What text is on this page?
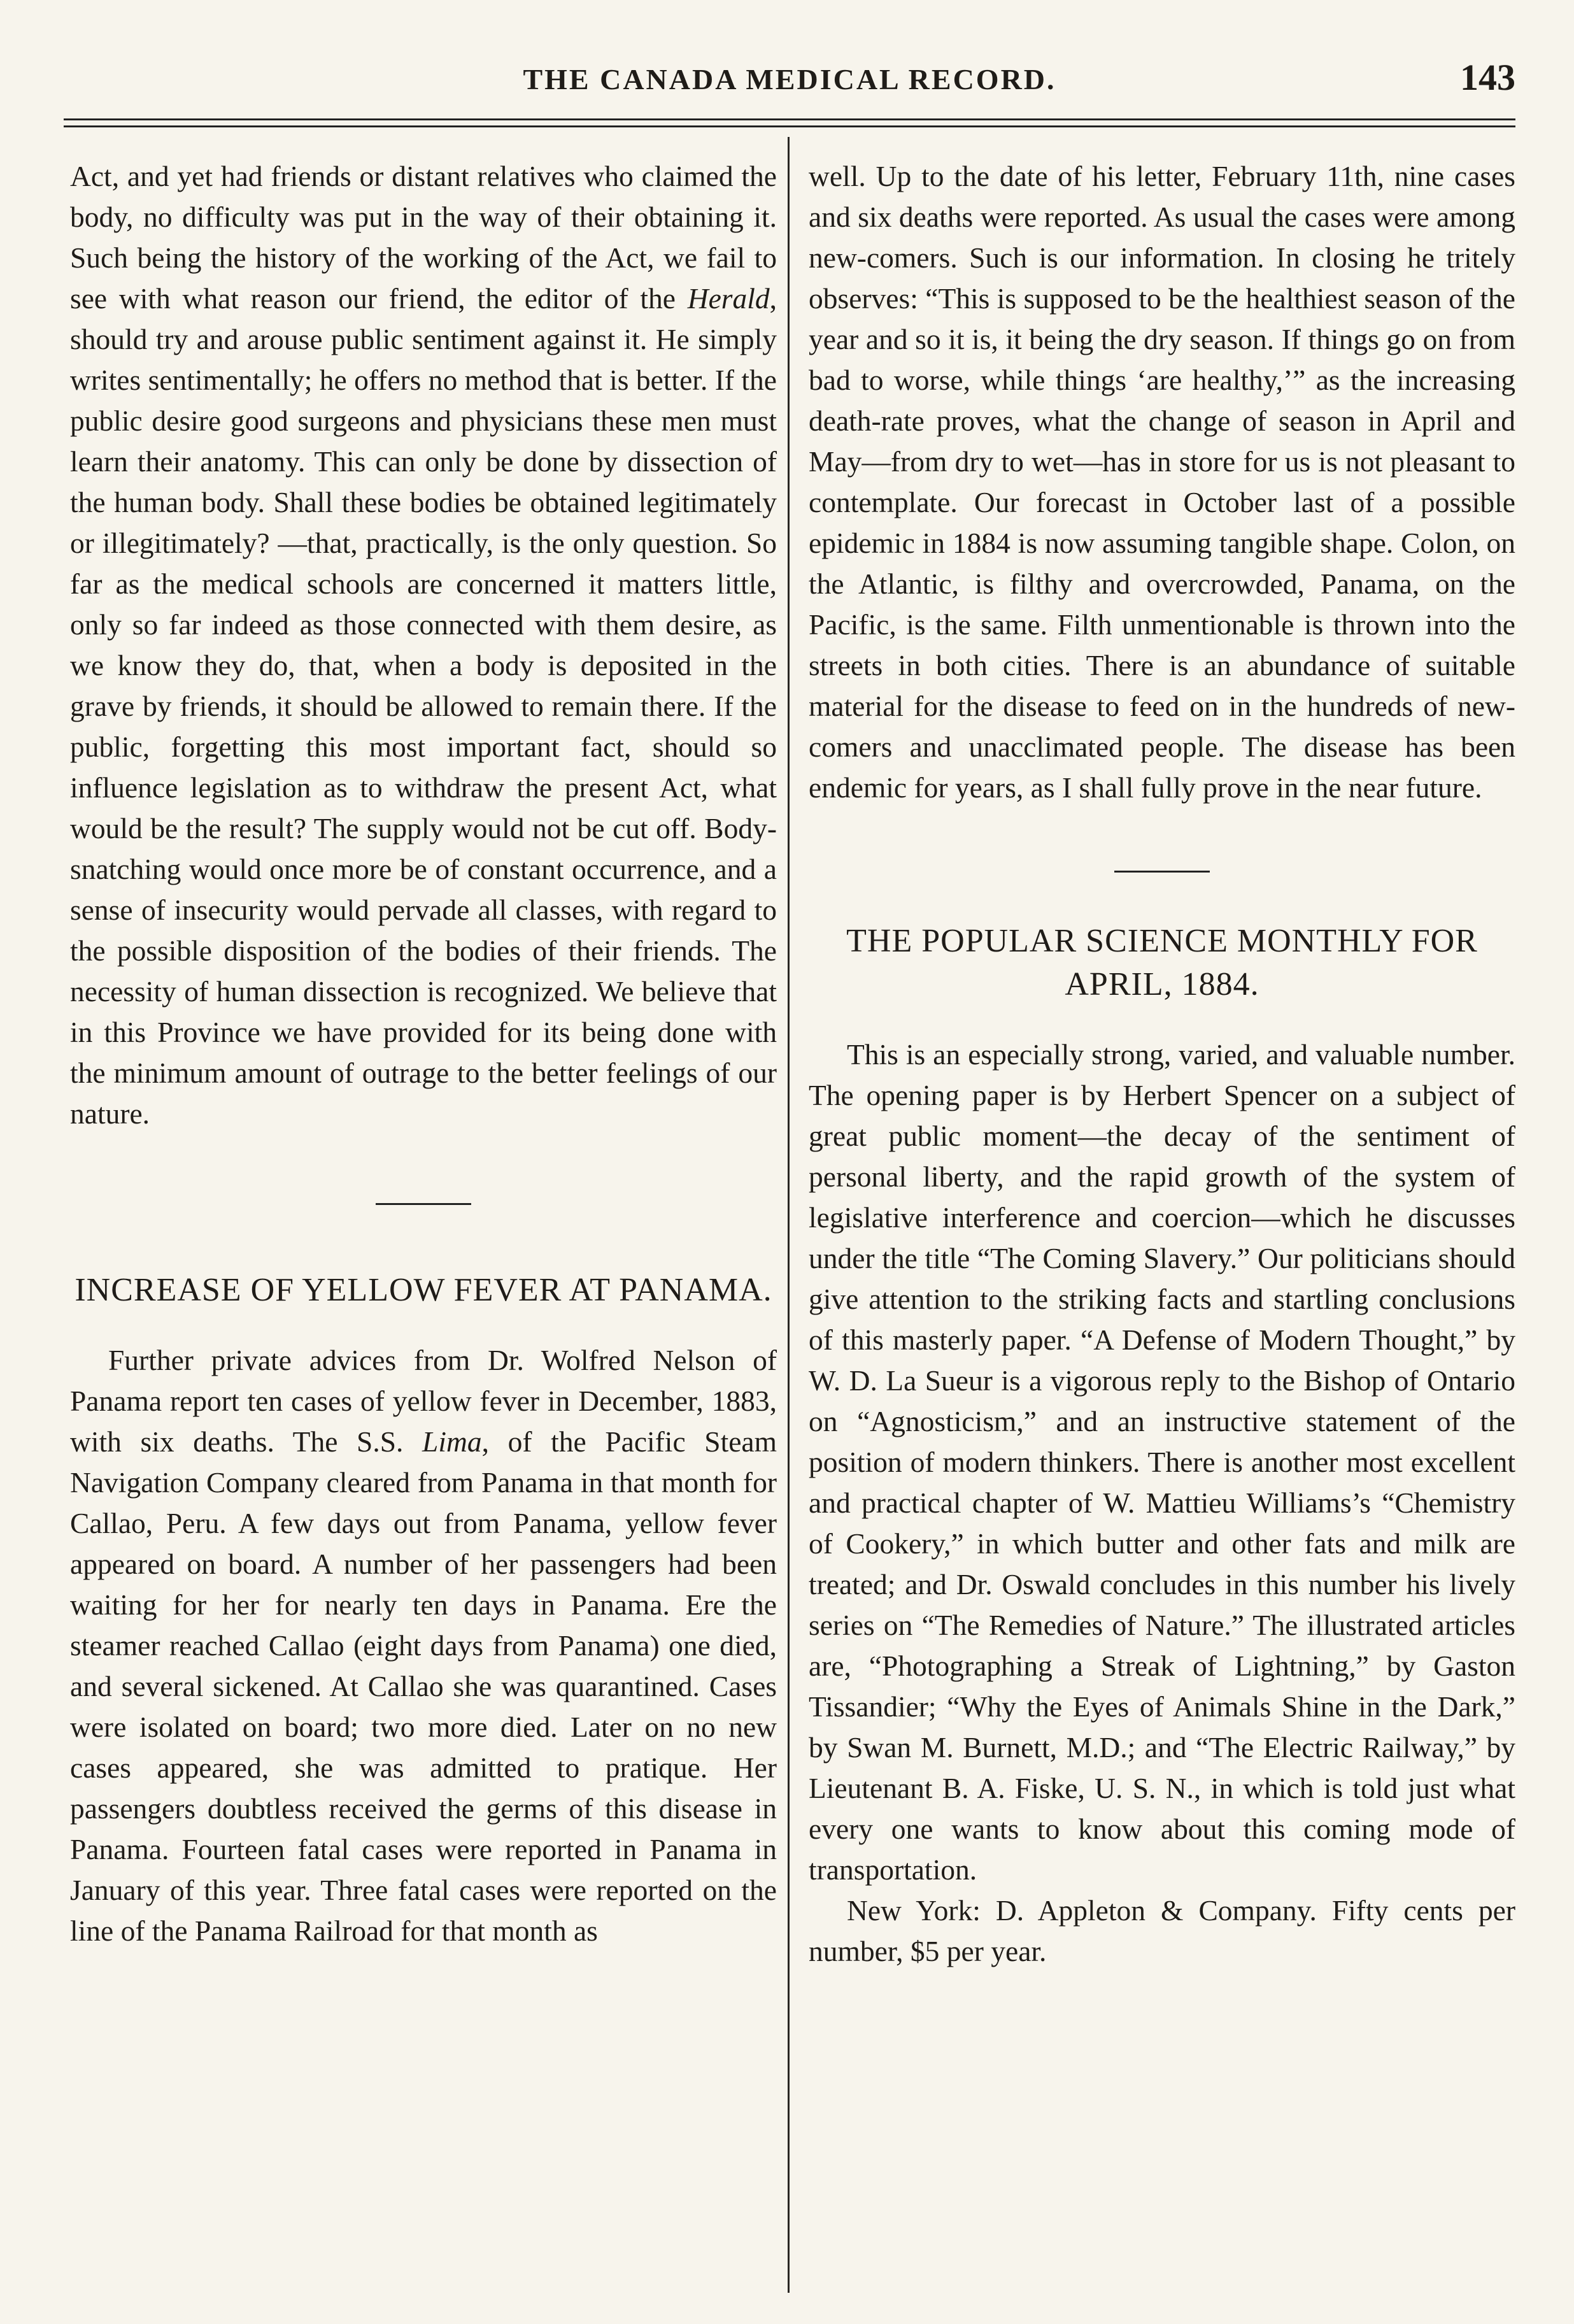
THE CANADA MEDICAL RECORD.	143

Act, and yet had friends or distant relatives who claimed the body, no difficulty was put in the way of their obtaining it. Such being the history of the working of the Act, we fail to see with what reason our friend, the editor of the Herald, should try and arouse public sentiment against it. He simply writes sentimentally; he offers no method that is better. If the public desire good surgeons and physicians these men must learn their anatomy. This can only be done by dissection of the human body. Shall these bodies be obtained legitimately or illegitimately? —that, practically, is the only question. So far as the medical schools are concerned it matters little, only so far indeed as those connected with them desire, as we know they do, that, when a body is deposited in the grave by friends, it should be allowed to remain there. If the public, forgetting this most important fact, should so influence legislation as to withdraw the present Act, what would be the result? The supply would not be cut off. Body-snatching would once more be of constant occurrence, and a sense of insecurity would pervade all classes, with regard to the possible disposition of the bodies of their friends. The necessity of human dissection is recognized. We believe that in this Province we have provided for its being done with the minimum amount of outrage to the better feelings of our nature.

INCREASE OF YELLOW FEVER AT PANAMA.

Further private advices from Dr. Wolfred Nelson of Panama report ten cases of yellow fever in December, 1883, with six deaths. The S.S. Lima, of the Pacific Steam Navigation Company cleared from Panama in that month for Callao, Peru. A few days out from Panama, yellow fever appeared on board. A number of her passengers had been waiting for her for nearly ten days in Panama. Ere the steamer reached Callao (eight days from Panama) one died, and several sickened. At Callao she was quarantined. Cases were isolated on board; two more died. Later on no new cases appeared, she was admitted to pratique. Her passengers doubtless received the germs of this disease in Panama. Fourteen fatal cases were reported in Panama in January of this year. Three fatal cases were reported on the line of the Panama Railroad for that month as

well. Up to the date of his letter, February 11th, nine cases and six deaths were reported. As usual the cases were among new-comers. Such is our information. In closing he tritely observes: “This is supposed to be the healthiest season of the year and so it is, it being the dry season. If things go on from bad to worse, while things ‘are healthy,’” as the increasing death-rate proves, what the change of season in April and May—from dry to wet—has in store for us is not pleasant to contemplate. Our forecast in October last of a possible epidemic in 1884 is now assuming tangible shape. Colon, on the Atlantic, is filthy and overcrowded, Panama, on the Pacific, is the same. Filth unmentionable is thrown into the streets in both cities. There is an abundance of suitable material for the disease to feed on in the hundreds of new-comers and unacclimated people. The disease has been endemic for years, as I shall fully prove in the near future.

THE POPULAR SCIENCE MONTHLY FOR APRIL, 1884.

This is an especially strong, varied, and valuable number. The opening paper is by Herbert Spencer on a subject of great public moment—the decay of the sentiment of personal liberty, and the rapid growth of the system of legislative interference and coercion—which he discusses under the title “The Coming Slavery.” Our politicians should give attention to the striking facts and startling conclusions of this masterly paper. “A Defense of Modern Thought,” by W. D. La Sueur is a vigorous reply to the Bishop of Ontario on “Agnosticism,” and an instructive statement of the position of modern thinkers. There is another most excellent and practical chapter of W. Mattieu Williams’s “Chemistry of Cookery,” in which butter and other fats and milk are treated; and Dr. Oswald concludes in this number his lively series on “The Remedies of Nature.” The illustrated articles are, “Photographing a Streak of Lightning,” by Gaston Tissandier; “Why the Eyes of Animals Shine in the Dark,” by Swan M. Burnett, M.D.; and “The Electric Railway,” by Lieutenant B. A. Fiske, U. S. N., in which is told just what every one wants to know about this coming mode of transportation.

New York: D. Appleton & Company. Fifty cents per number, $5 per year.
